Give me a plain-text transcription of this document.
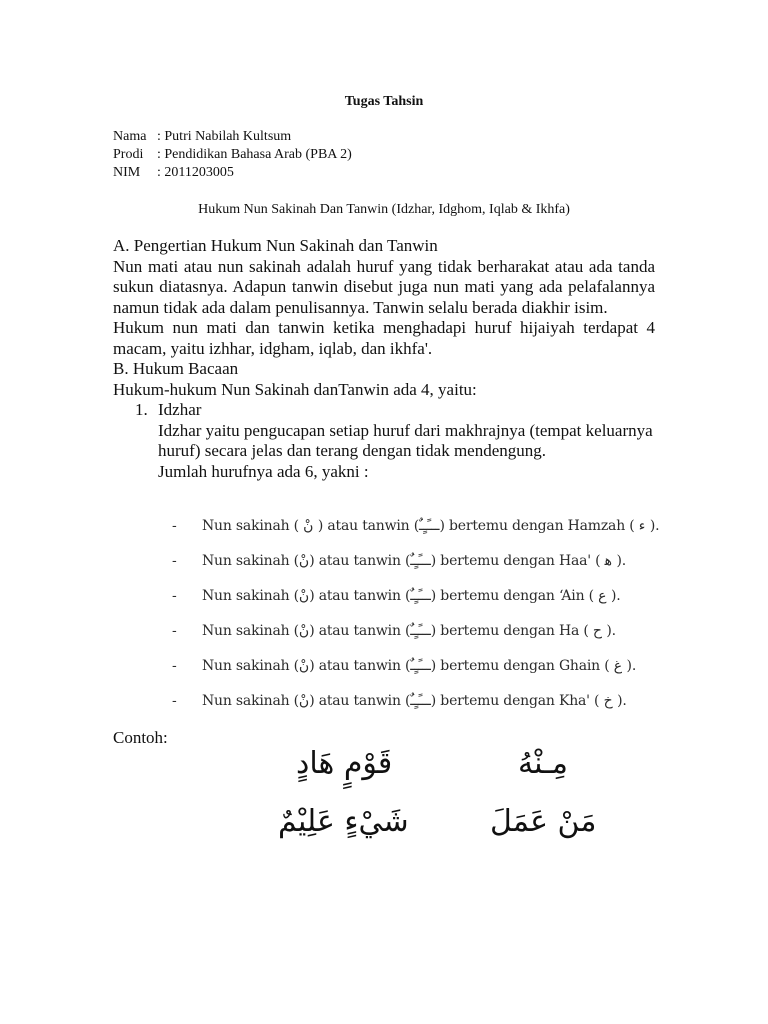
Tugas Tahsin
Nama : Putri Nabilah Kultsum
Prodi : Pendidikan Bahasa Arab (PBA 2)
NIM : 2011203005
Hukum Nun Sakinah Dan Tanwin (Idzhar, Idghom, Iqlab & Ikhfa)
A. Pengertian Hukum Nun Sakinah dan Tanwin
Nun mati atau nun sakinah adalah huruf yang tidak berharakat atau ada tanda sukun diatasnya. Adapun tanwin disebut juga nun mati yang ada pelafalannya namun tidak ada dalam penulisannya. Tanwin selalu berada diakhir isim.
Hukum nun mati dan tanwin ketika menghadapi huruf hijaiyah terdapat 4 macam, yaitu izhhar, idgham, iqlab, dan ikhfa'.
B. Hukum Bacaan
Hukum-hukum Nun Sakinah danTanwin ada 4, yaitu:
1. Idzhar
Idzhar yaitu pengucapan setiap huruf dari makhrajnya (tempat keluarnya huruf) secara jelas dan terang dengan tidak mendengung.
Jumlah hurufnya ada 6, yakni :
- Nun sakinah ( نْ ) atau tanwin (ـــًـٍـٌ) bertemu dengan Hamzah ( ء ).
- Nun sakinah (نْ) atau tanwin (ـــًـٍـٌ) bertemu dengan Haa' ( ﻫ ).
- Nun sakinah (نْ) atau tanwin (ـــًـٍـٌ) bertemu dengan ‘Ain ( ع ).
- Nun sakinah (نْ) atau tanwin (ـــًـٍـٌ) bertemu dengan Ha ( ح ).
- Nun sakinah (نْ) atau tanwin (ـــًـٍـٌ) bertemu dengan Ghain ( غ ).
- Nun sakinah (نْ) atau tanwin (ـــًـٍـٌ) bertemu dengan Kha' ( خ ).
Contoh:
قَوْمٍ هَادٍ	مِـنْهُ
شَيْءٍ عَلِيْمٌ	مَنْ عَمَلَ
